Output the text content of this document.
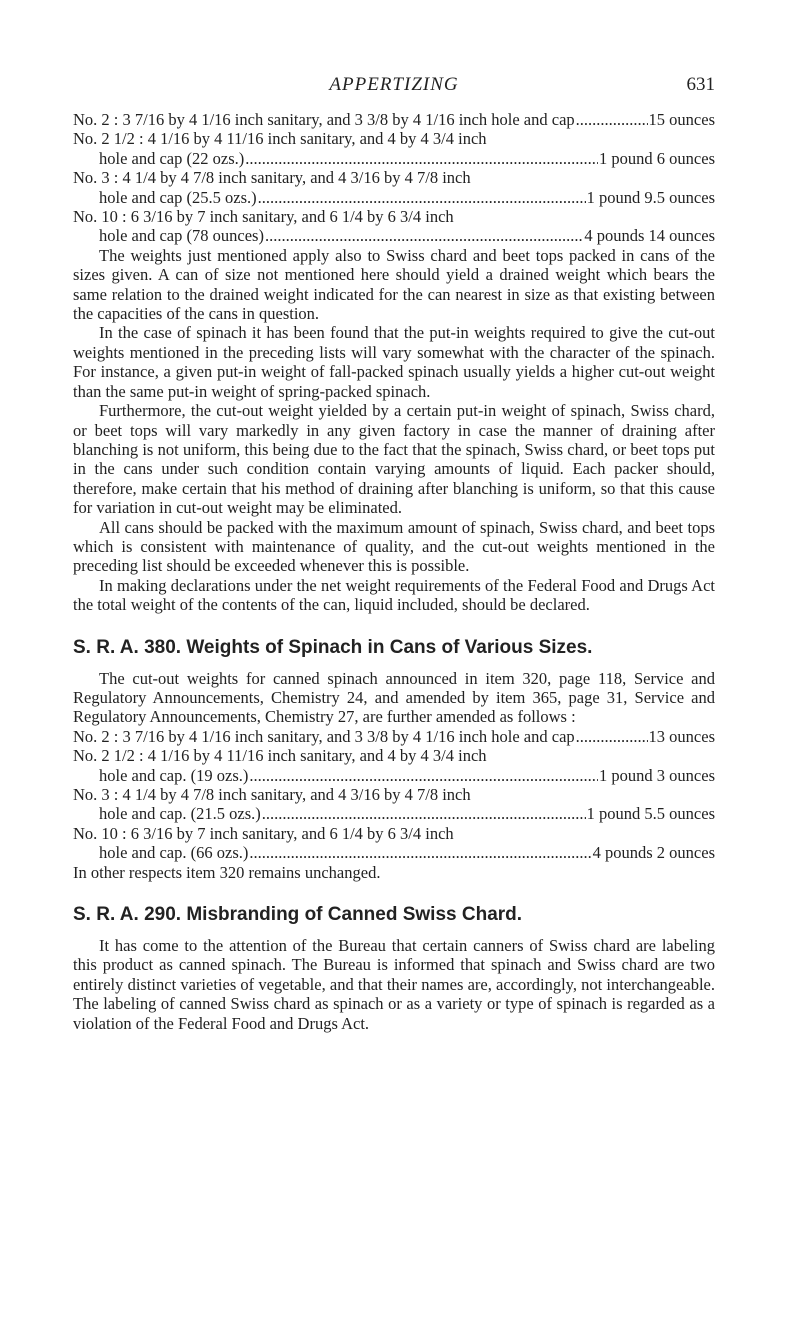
APPERTIZING	631
No. 2 : 3 7/16 by 4 1/16 inch sanitary, and 3 3/8 by 4 1/16 inch hole and cap .....	15 ounces
No. 2 1/2 : 4 1/16 by 4 11/16 inch sanitary, and 4 by 4 3/4 inch
hole and cap (22 ozs.) .....	1 pound 6 ounces
No. 3 : 4 1/4 by 4 7/8 inch sanitary, and 4 3/16 by 4 7/8 inch
hole and cap (25.5 ozs.) .....	1 pound 9.5 ounces
No. 10 : 6 3/16 by 7 inch sanitary, and 6 1/4 by 6 3/4 inch
hole and cap (78 ounces) .....	4 pounds 14 ounces

The weights just mentioned apply also to Swiss chard and beet tops packed in cans of the sizes given. A can of size not mentioned here should yield a drained weight which bears the same relation to the drained weight indicated for the can nearest in size as that existing between the capacities of the cans in question.

In the case of spinach it has been found that the put-in weights required to give the cut-out weights mentioned in the preceding lists will vary somewhat with the character of the spinach. For instance, a given put-in weight of fall-packed spinach usually yields a higher cut-out weight than the same put-in weight of spring-packed spinach.

Furthermore, the cut-out weight yielded by a certain put-in weight of spinach, Swiss chard, or beet tops will vary markedly in any given factory in case the manner of draining after blanching is not uniform, this being due to the fact that the spinach, Swiss chard, or beet tops put in the cans under such condition contain varying amounts of liquid. Each packer should, therefore, make certain that his method of draining after blanching is uniform, so that this cause for variation in cut-out weight may be eliminated.

All cans should be packed with the maximum amount of spinach, Swiss chard, and beet tops which is consistent with maintenance of quality, and the cut-out weights mentioned in the preceding list should be exceeded whenever this is possible.

In making declarations under the net weight requirements of the Federal Food and Drugs Act the total weight of the contents of the can, liquid included, should be declared.

S. R. A. 380. Weights of Spinach in Cans of Various Sizes.

The cut-out weights for canned spinach announced in item 320, page 118, Service and Regulatory Announcements, Chemistry 24, and amended by item 365, page 31, Service and Regulatory Announcements, Chemistry 27, are further amended as follows :

No. 2 : 3 7/16 by 4 1/16 inch sanitary, and 3 3/8 by 4 1/16 inch hole and cap .....	13 ounces
No. 2 1/2 : 4 1/16 by 4 11/16 inch sanitary, and 4 by 4 3/4 inch
hole and cap. (19 ozs.) .....	1 pound 3 ounces
No. 3 : 4 1/4 by 4 7/8 inch sanitary, and 4 3/16 by 4 7/8 inch
hole and cap. (21.5 ozs.) .....	1 pound 5.5 ounces
No. 10 : 6 3/16 by 7 inch sanitary, and 6 1/4 by 6 3/4 inch
hole and cap. (66 ozs.) .....	4 pounds 2 ounces
In other respects item 320 remains unchanged.
S. R. A. 290. Misbranding of Canned Swiss Chard.

It has come to the attention of the Bureau that certain canners of Swiss chard are labeling this product as canned spinach. The Bureau is informed that spinach and Swiss chard are two entirely distinct varieties of vegetable, and that their names are, accordingly, not interchangeable. The labeling of canned Swiss chard as spinach or as a variety or type of spinach is regarded as a violation of the Federal Food and Drugs Act.
